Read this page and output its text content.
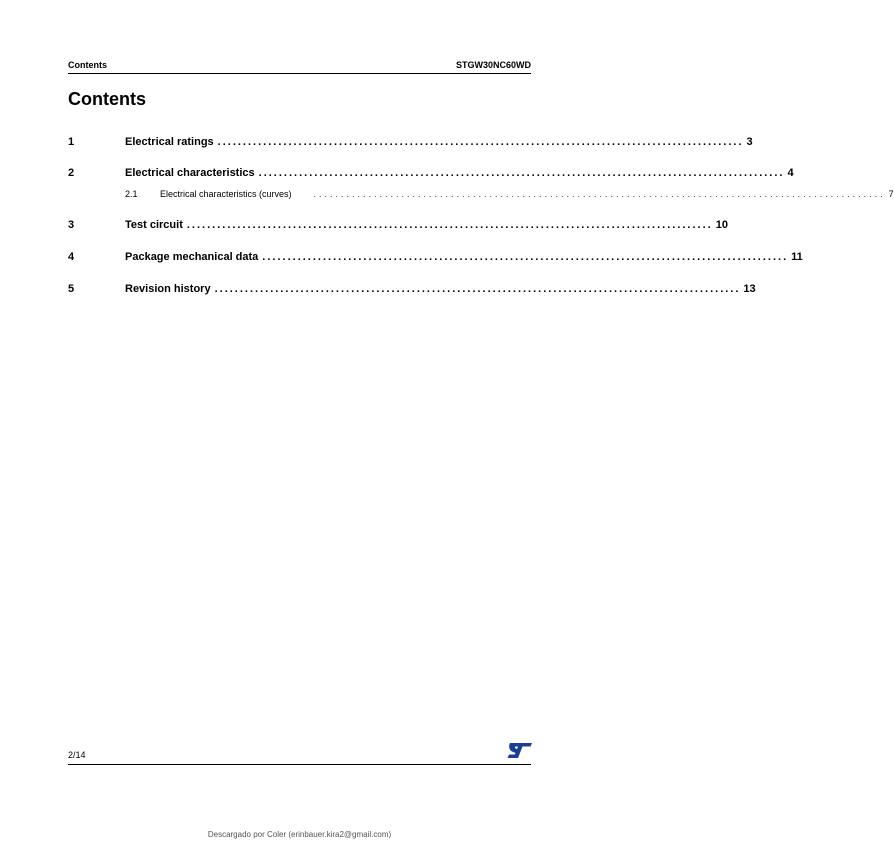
Contents	STGW30NC60WD
Contents
1	Electrical ratings ........................................................................................................ 3
2	Electrical characteristics ........................................................................................................ 4
2.1	Electrical characteristics (curves)	........................................................................................................ 7
3	Test circuit ........................................................................................................ 10
4	Package mechanical data ........................................................................................................ 11
5	Revision history ........................................................................................................ 13
2/14
Descargado por Coler (erinbauer.kira2@gmail.com)
